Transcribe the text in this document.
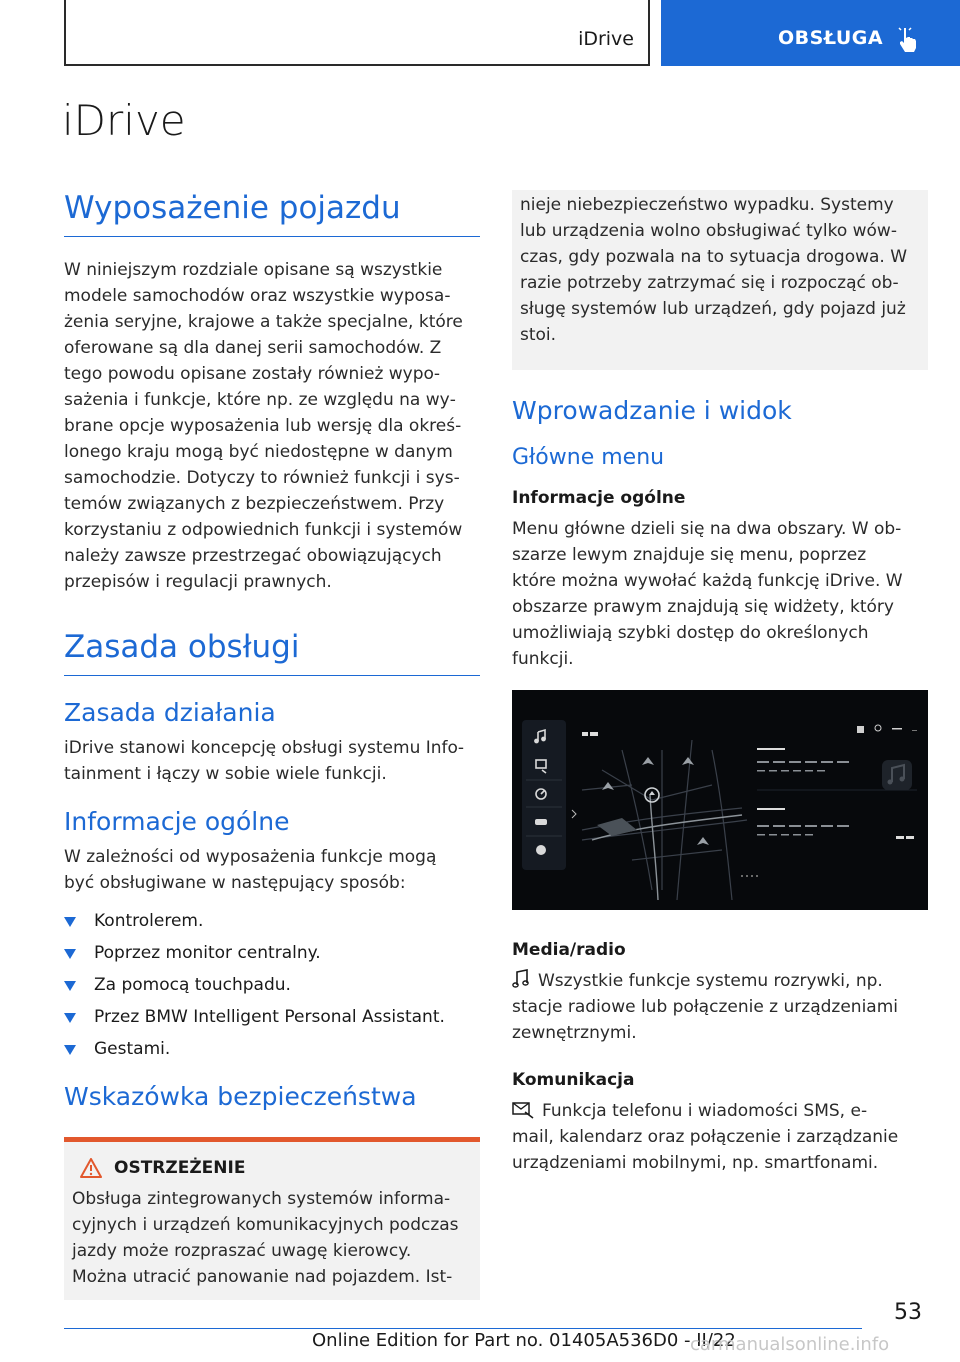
iDrive	OBSŁUGA
iDrive
Wyposażenie pojazdu
W niniejszym rozdziale opisane są wszystkie
modele samochodów oraz wszystkie wyposa‐
żenia seryjne, krajowe a także specjalne, które
oferowane są dla danej serii samochodów. Z
tego powodu opisane zostały również wypo‐
sażenia i funkcje, które np. ze względu na wy‐
brane opcje wyposażenia lub wersję dla okreś‐
lonego kraju mogą być niedostępne w danym
samochodzie. Dotyczy to również funkcji i sys‐
temów związanych z bezpieczeństwem. Przy
korzystaniu z odpowiednich funkcji i systemów
należy zawsze przestrzegać obowiązujących
przepisów i regulacji prawnych.
Zasada obsługi
Zasada działania
iDrive stanowi koncepcję obsługi systemu Info‐
tainment i łączy w sobie wiele funkcji.
Informacje ogólne
W zależności od wyposażenia funkcje mogą
być obsługiwane w następujący sposób:
Kontrolerem.
Poprzez monitor centralny.
Za pomocą touchpadu.
Przez BMW Intelligent Personal Assistant.
Gestami.
Wskazówka bezpieczeństwa
OSTRZEŻENIE
Obsługa zintegrowanych systemów informa‐
cyjnych i urządzeń komunikacyjnych podczas
jazdy może rozpraszać uwagę kierowcy.
Można utracić panowanie nad pojazdem. Ist‐
nieje niebezpieczeństwo wypadku. Systemy
lub urządzenia wolno obsługiwać tylko wów‐
czas, gdy pozwala na to sytuacja drogowa. W
razie potrzeby zatrzymać się i rozpocząć ob‐
sługę systemów lub urządzeń, gdy pojazd już
stoi.
Wprowadzanie i widok
Główne menu
Informacje ogólne
Menu główne dzieli się na dwa obszary. W ob‐
szarze lewym znajduje się menu, poprzez
które można wywołać każdą funkcję iDrive. W
obszarze prawym znajdują się widżety, który
umożliwiają szybki dostęp do określonych
funkcji.
Media/radio
Wszystkie funkcje systemu rozrywki, np.
stacje radiowe lub połączenie z urządzeniami
zewnętrznymi.
Komunikacja
Funkcja telefonu i wiadomości SMS, e-
mail, kalendarz oraz połączenie i zarządzanie
urządzeniami mobilnymi, np. smartfonami.
53
Online Edition for Part no. 01405A536D0 - II/22
carmanualsonline.info
